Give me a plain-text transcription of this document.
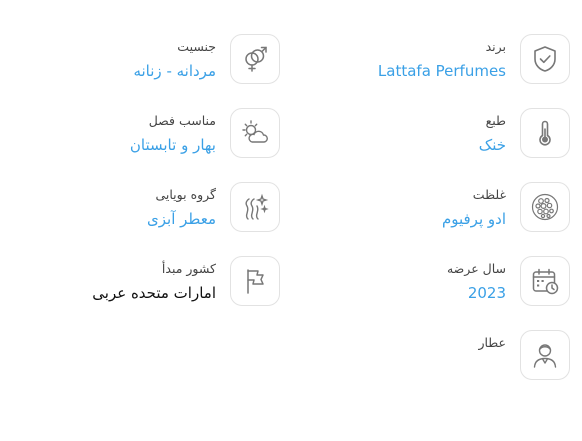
برند
Lattafa Perfumes
طبع
خنک
غلظت
ادو پرفیوم
سال عرضه
2023
عطار
جنسیت
مردانه - زنانه
مناسب فصل
بهار و تابستان
گروه بویایی
معطر آبزی
کشور مبدأ
امارات متحده عربی
